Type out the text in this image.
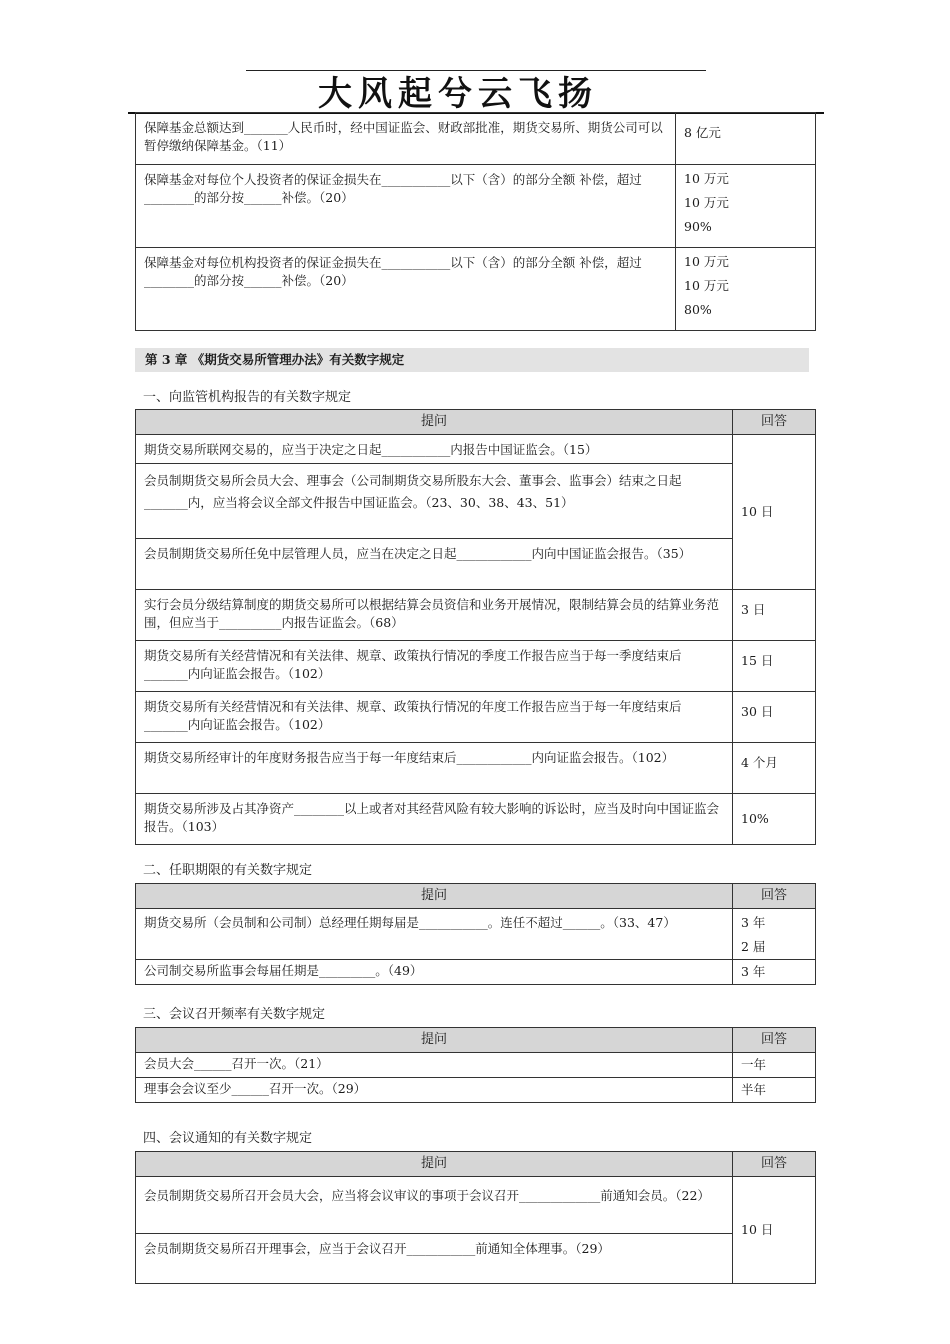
大风起兮云飞扬
保障基金总额达到_______人民币时，经中国证监会、财政部批准，期货交易所、期货公司可以暂停缴纳保障基金。（11）	8 亿元

保障基金对每位个人投资者的保证金损失在___________以下（含）的部分全额 补偿，超过________的部分按______补偿。（20）	10 万元
10 万元
90%

保障基金对每位机构投资者的保证金损失在___________以下（含）的部分全额 补偿，超过________的部分按______补偿。（20）	10 万元
10 万元
80%
第 3 章 《期货交易所管理办法》有关数字规定
一、向监管机构报告的有关数字规定
提问	回答
期货交易所联网交易的，应当于决定之日起___________内报告中国证监会。（15）	10 日
会员制期货交易所会员大会、理事会（公司制期货交易所股东大会、董事会、监事会）结束之日起_______内，应当将会议全部文件报告中国证监会。（23、30、38、43、51）	
会员制期货交易所任免中层管理人员，应当在决定之日起____________内向中国证监会报告。（35）	
实行会员分级结算制度的期货交易所可以根据结算会员资信和业务开展情况，限制结算会员的结算业务范围，但应当于__________内报告证监会。（68）	3 日
期货交易所有关经营情况和有关法律、规章、政策执行情况的季度工作报告应当于每一季度结束后_______内向证监会报告。（102）	15 日
期货交易所有关经营情况和有关法律、规章、政策执行情况的年度工作报告应当于每一年度结束后_______内向证监会报告。（102）	30 日
期货交易所经审计的年度财务报告应当于每一年度结束后____________内向证监会报告。（102）	4 个月
期货交易所涉及占其净资产________以上或者对其经营风险有较大影响的诉讼时，应当及时向中国证监会报告。（103）	10%
二、任职期限的有关数字规定
提问	回答
期货交易所（会员制和公司制）总经理任期每届是___________。连任不超过______。（33、47）	3 年
2 届

公司制交易所监事会每届任期是_________。（49）	3 年
三、会议召开频率有关数字规定
提问	回答
会员大会______召开一次。（21）	一年
理事会会议至少______召开一次。（29）	半年
四、会议通知的有关数字规定
提问	回答
会员制期货交易所召开会员大会，应当将会议审议的事项于会议召开_____________前通知会员。（22）	10 日
会员制期货交易所召开理事会，应当于会议召开___________前通知全体理事。（29）	
